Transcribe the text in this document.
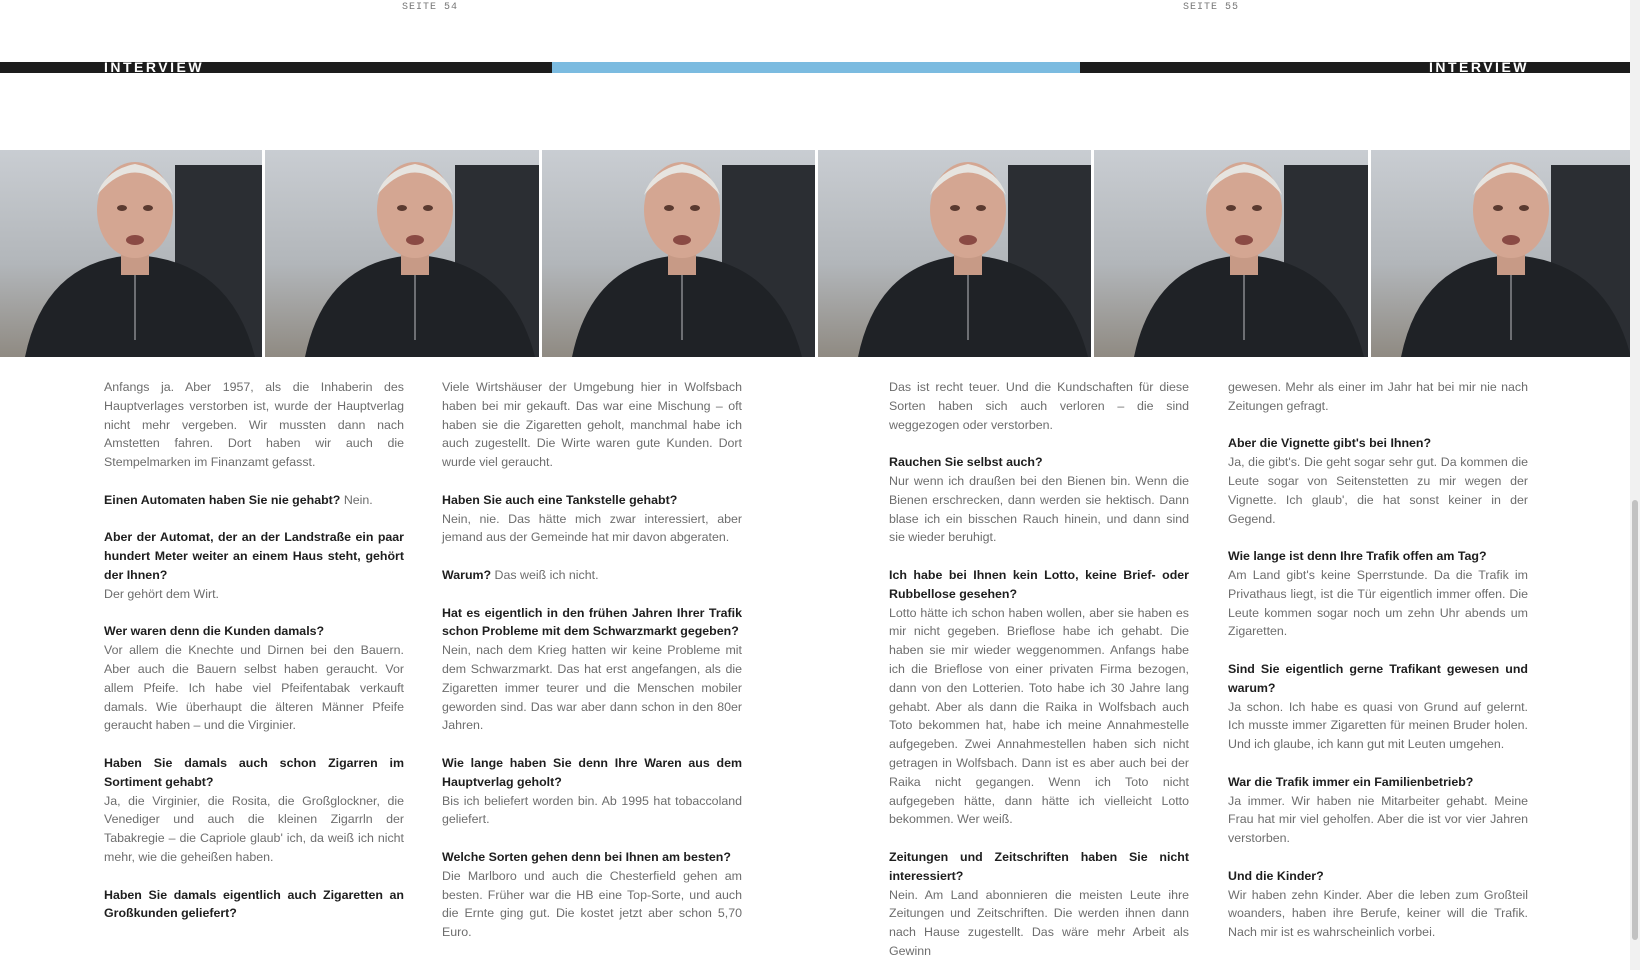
SEITE 54	SEITE 55
INTERVIEW	INTERVIEW

Anfangs ja. Aber 1957, als die Inhaberin des Hauptverlages verstorben ist, wurde der Hauptverlag nicht mehr vergeben. Wir mussten dann nach Amstetten fahren. Dort haben wir auch die Stempelmarken im Finanzamt gefasst.

Einen Automaten haben Sie nie gehabt? Nein.

Aber der Automat, der an der Landstraße ein paar hundert Meter weiter an einem Haus steht, gehört der Ihnen?
Der gehört dem Wirt.

Wer waren denn die Kunden damals?
Vor allem die Knechte und Dirnen bei den Bauern. Aber auch die Bauern selbst haben geraucht. Vor allem Pfeife. Ich habe viel Pfeifentabak verkauft damals. Wie überhaupt die älteren Männer Pfeife geraucht haben – und die Virginier.

Haben Sie damals auch schon Zigarren im Sortiment gehabt?
Ja, die Virginier, die Rosita, die Großglockner, die Venediger und auch die kleinen Zigarrln der Tabakregie – die Capriole glaub' ich, da weiß ich nicht mehr, wie die geheißen haben.

Haben Sie damals eigentlich auch Zigaretten an Großkunden geliefert?

Viele Wirtshäuser der Umgebung hier in Wolfsbach haben bei mir gekauft. Das war eine Mischung – oft haben sie die Zigaretten geholt, manchmal habe ich auch zugestellt. Die Wirte waren gute Kunden. Dort wurde viel geraucht.

Haben Sie auch eine Tankstelle gehabt?
Nein, nie. Das hätte mich zwar interessiert, aber jemand aus der Gemeinde hat mir davon abgeraten.

Warum? Das weiß ich nicht.

Hat es eigentlich in den frühen Jahren Ihrer Trafik schon Probleme mit dem Schwarzmarkt gegeben?
Nein, nach dem Krieg hatten wir keine Probleme mit dem Schwarzmarkt. Das hat erst angefangen, als die Zigaretten immer teurer und die Menschen mobiler geworden sind. Das war aber dann schon in den 80er Jahren.

Wie lange haben Sie denn Ihre Waren aus dem Hauptverlag geholt?
Bis ich beliefert worden bin. Ab 1995 hat tobaccoland geliefert.

Welche Sorten gehen denn bei Ihnen am besten?
Die Marlboro und auch die Chesterfield gehen am besten. Früher war die HB eine Top-Sorte, und auch die Ernte ging gut. Die kostet jetzt aber schon 5,70 Euro.

Das ist recht teuer. Und die Kundschaften für diese Sorten haben sich auch verloren – die sind weggezogen oder verstorben.

Rauchen Sie selbst auch?
Nur wenn ich draußen bei den Bienen bin. Wenn die Bienen erschrecken, dann werden sie hektisch. Dann blase ich ein bisschen Rauch hinein, und dann sind sie wieder beruhigt.

Ich habe bei Ihnen kein Lotto, keine Brief- oder Rubbellose gesehen?
Lotto hätte ich schon haben wollen, aber sie haben es mir nicht gegeben. Brieflose habe ich gehabt. Die haben sie mir wieder weggenommen. Anfangs habe ich die Brieflose von einer privaten Firma bezogen, dann von den Lotterien. Toto habe ich 30 Jahre lang gehabt. Aber als dann die Raika in Wolfsbach auch Toto bekommen hat, habe ich meine Annahmestelle aufgegeben. Zwei Annahmestellen haben sich nicht getragen in Wolfsbach. Dann ist es aber auch bei der Raika nicht gegangen. Wenn ich Toto nicht aufgegeben hätte, dann hätte ich vielleicht Lotto bekommen. Wer weiß.

Zeitungen und Zeitschriften haben Sie nicht interessiert?
Nein. Am Land abonnieren die meisten Leute ihre Zeitungen und Zeitschriften. Die werden ihnen dann nach Hause zugestellt. Das wäre mehr Arbeit als Gewinn

gewesen. Mehr als einer im Jahr hat bei mir nie nach Zeitungen gefragt.

Aber die Vignette gibt's bei Ihnen?
Ja, die gibt's. Die geht sogar sehr gut. Da kommen die Leute sogar von Seitenstetten zu mir wegen der Vignette. Ich glaub', die hat sonst keiner in der Gegend.

Wie lange ist denn Ihre Trafik offen am Tag?
Am Land gibt's keine Sperrstunde. Da die Trafik im Privathaus liegt, ist die Tür eigentlich immer offen. Die Leute kommen sogar noch um zehn Uhr abends um Zigaretten.

Sind Sie eigentlich gerne Trafikant gewesen und warum?
Ja schon. Ich habe es quasi von Grund auf gelernt. Ich musste immer Zigaretten für meinen Bruder holen. Und ich glaube, ich kann gut mit Leuten umgehen.

War die Trafik immer ein Familienbetrieb?
Ja immer. Wir haben nie Mitarbeiter gehabt. Meine Frau hat mir viel geholfen. Aber die ist vor vier Jahren verstorben.

Und die Kinder?
Wir haben zehn Kinder. Aber die leben zum Großteil woanders, haben ihre Berufe, keiner will die Trafik. Nach mir ist es wahrscheinlich vorbei.
